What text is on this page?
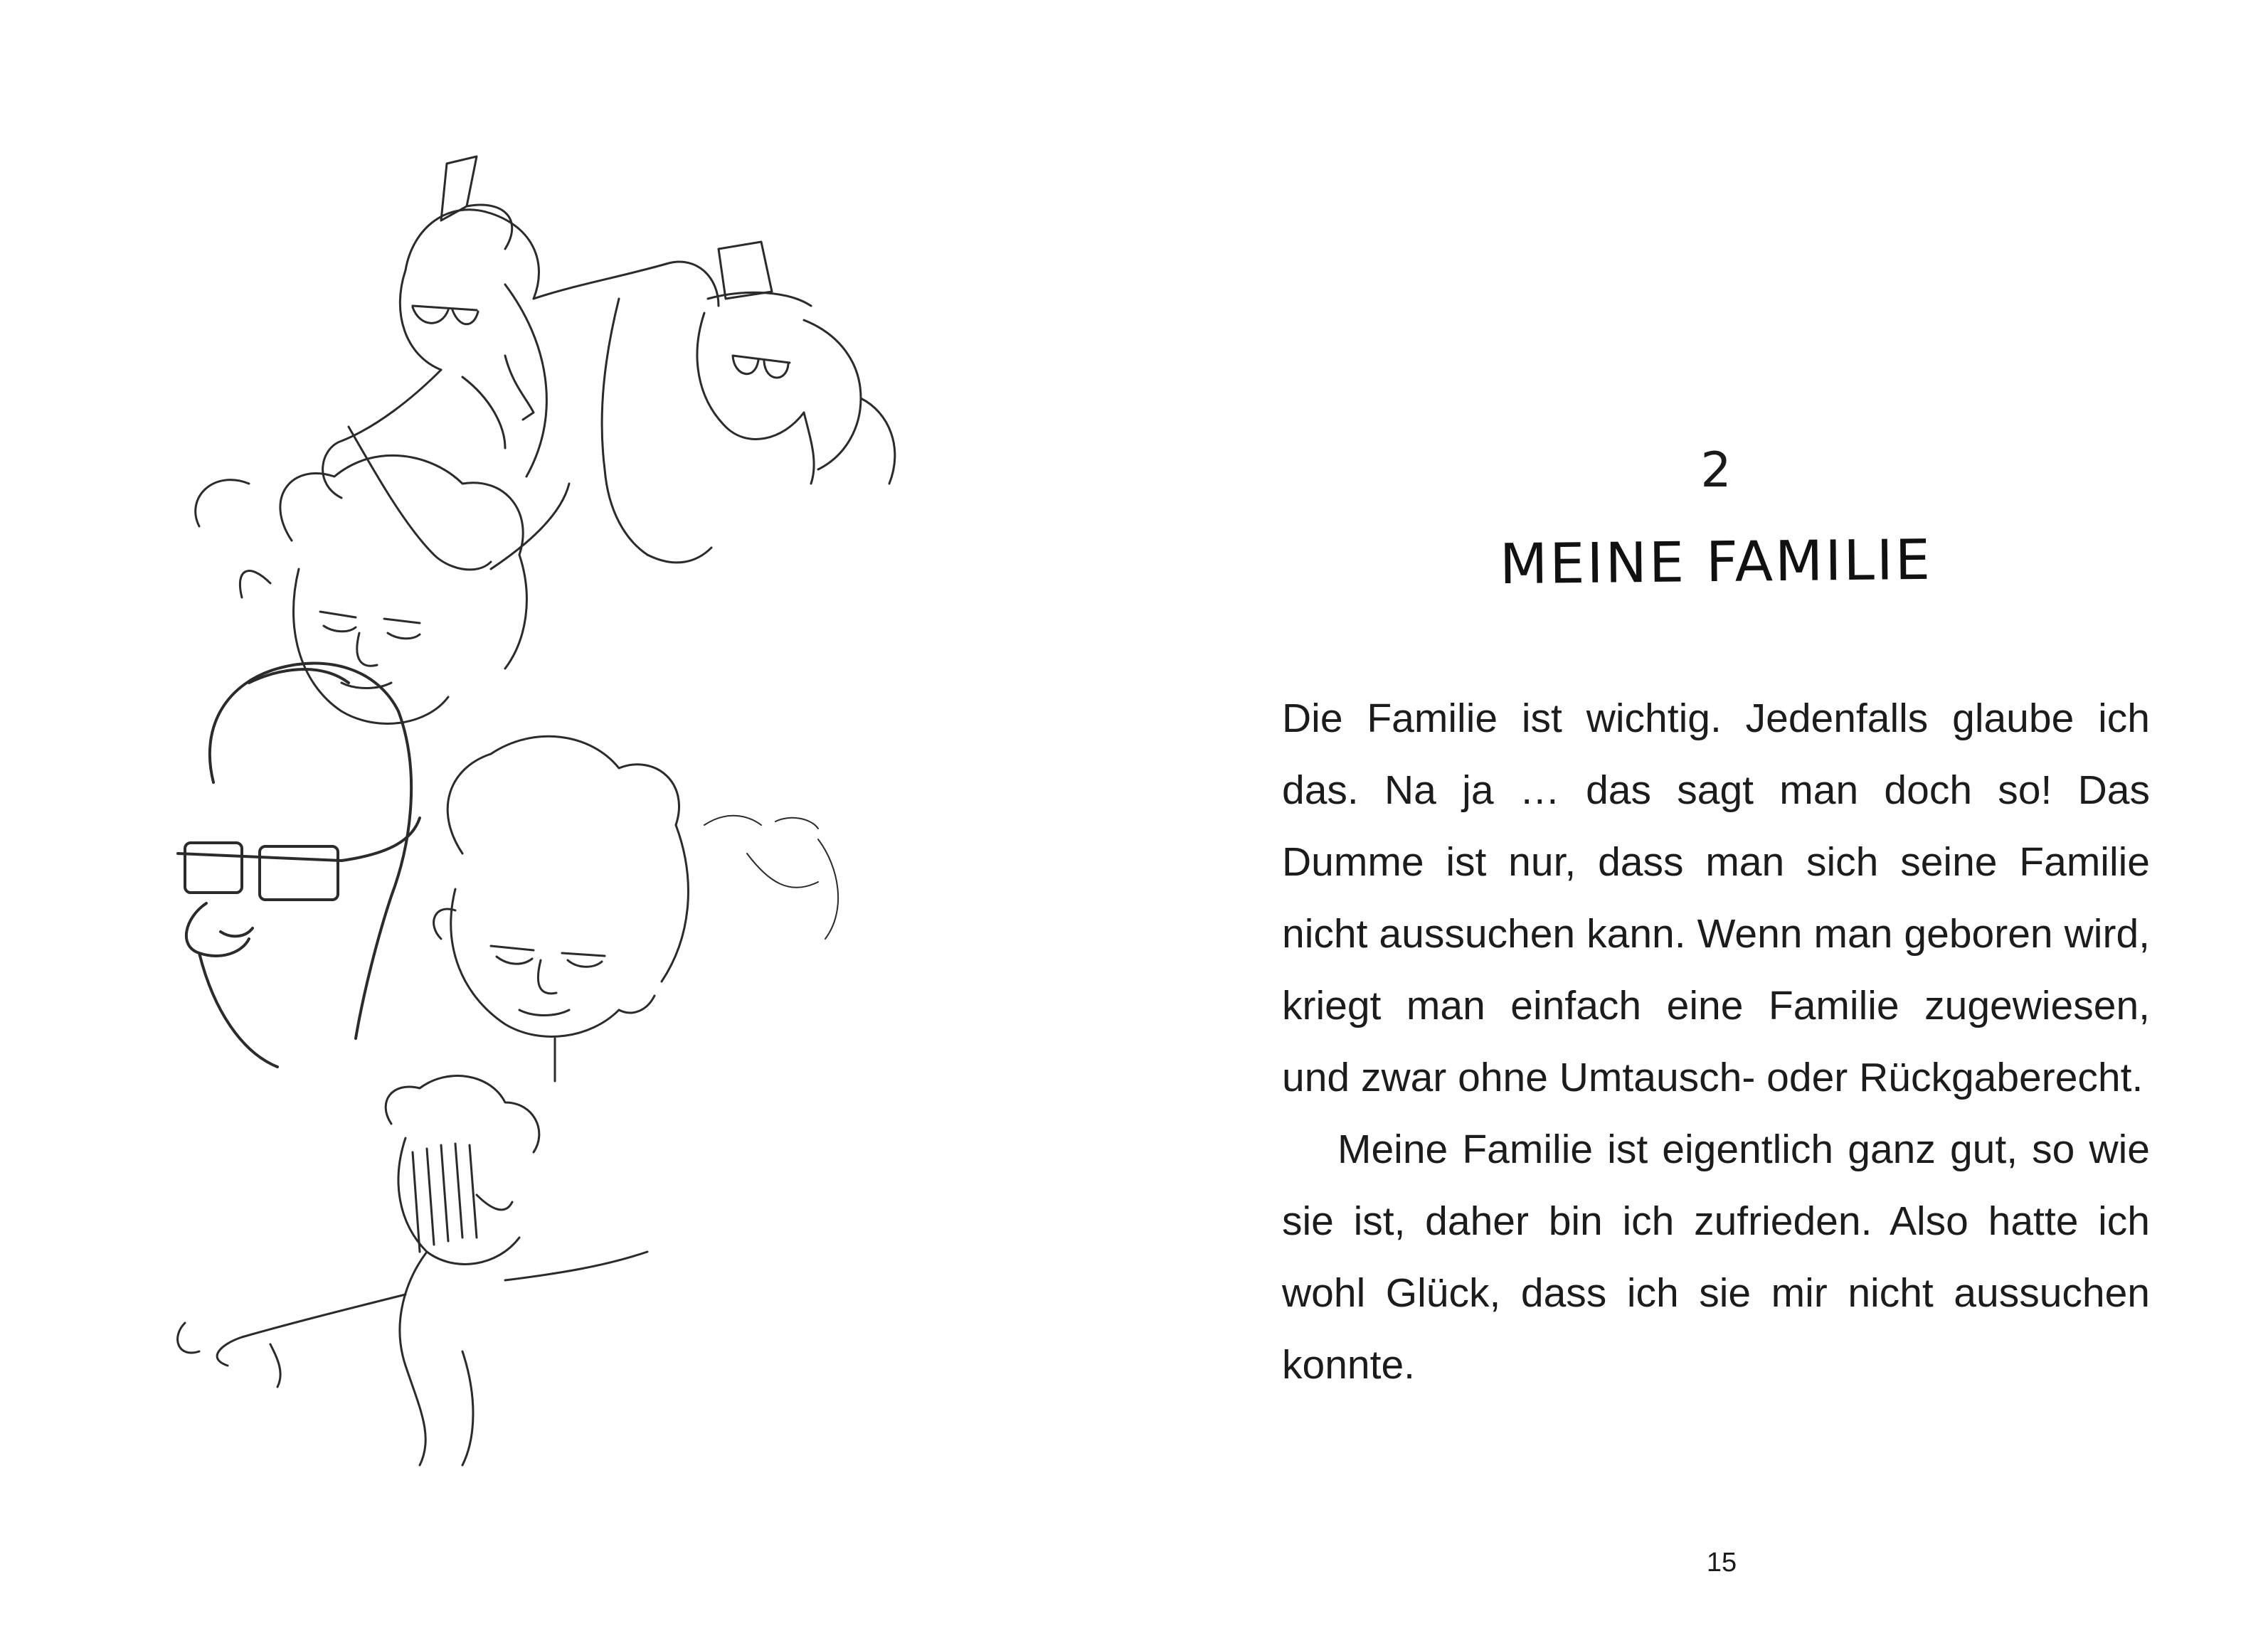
2
MEINE FAMILIE

Die Familie ist wichtig. Jedenfalls glaube ich das. Na ja … das sagt man doch so! Das Dumme ist nur, dass man sich seine Familie nicht aussuchen kann. Wenn man geboren wird, kriegt man einfach eine Familie zugewiesen, und zwar ohne Umtausch- oder Rückgaberecht.

Meine Familie ist eigentlich ganz gut, so wie sie ist, daher bin ich zufrieden. Also hatte ich wohl Glück, dass ich sie mir nicht aussuchen konnte.

15
